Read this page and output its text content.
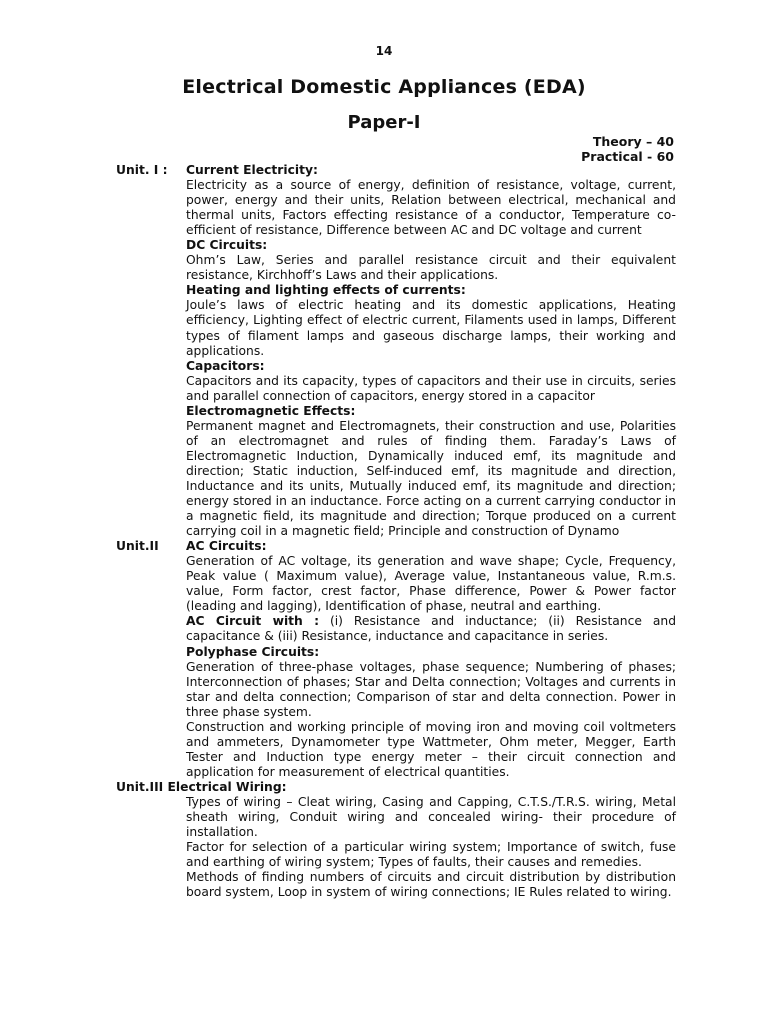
14
Electrical Domestic Appliances (EDA)
Paper-I
Theory – 40
Practical - 60
Unit. I : Current Electricity:
Electricity as a source of energy, definition of resistance, voltage, current, power, energy and their units, Relation between electrical, mechanical and thermal units, Factors effecting resistance of a conductor, Temperature co-efficient of resistance, Difference between AC and DC voltage and current
DC Circuits:
Ohm’s Law, Series and parallel resistance circuit and their equivalent resistance, Kirchhoff’s Laws and their applications.
Heating and lighting effects of currents:
Joule’s laws of electric heating and its domestic applications, Heating efficiency, Lighting effect of electric current, Filaments used in lamps, Different types of filament lamps and gaseous discharge lamps, their working and applications.
Capacitors:
Capacitors and its capacity, types of capacitors and their use in circuits, series and parallel connection of capacitors, energy stored in a capacitor
Electromagnetic Effects:
Permanent magnet and Electromagnets, their construction and use, Polarities of an electromagnet and rules of finding them. Faraday’s Laws of Electromagnetic Induction, Dynamically induced emf, its magnitude and direction; Static induction, Self-induced emf, its magnitude and direction, Inductance and its units, Mutually induced emf, its magnitude and direction; energy stored in an inductance. Force acting on a current carrying conductor in a magnetic field, its magnitude and direction; Torque produced on a current carrying coil in a magnetic field; Principle and construction of Dynamo
Unit.II AC Circuits:
Generation of AC voltage, its generation and wave shape; Cycle, Frequency, Peak value ( Maximum value), Average value, Instantaneous value, R.m.s. value, Form factor, crest factor, Phase difference, Power & Power factor (leading and lagging), Identification of phase, neutral and earthing.
AC Circuit with : (i) Resistance and inductance; (ii) Resistance and capacitance & (iii) Resistance, inductance and capacitance in series.
Polyphase Circuits:
Generation of three-phase voltages, phase sequence; Numbering of phases; Interconnection of phases; Star and Delta connection; Voltages and currents in star and delta connection; Comparison of star and delta connection. Power in three phase system.
Construction and working principle of moving iron and moving coil voltmeters and ammeters, Dynamometer type Wattmeter, Ohm meter, Megger, Earth Tester and Induction type energy meter – their circuit connection and application for measurement of electrical quantities.
Unit.III Electrical Wiring:

Types of wiring – Cleat wiring, Casing and Capping, C.T.S./T.R.S. wiring, Metal sheath wiring, Conduit wiring and concealed wiring- their procedure of installation.
Factor for selection of a particular wiring system; Importance of switch, fuse and earthing of wiring system; Types of faults, their causes and remedies.
Methods of finding numbers of circuits and circuit distribution by distribution board system, Loop in system of wiring connections; IE Rules related to wiring.
